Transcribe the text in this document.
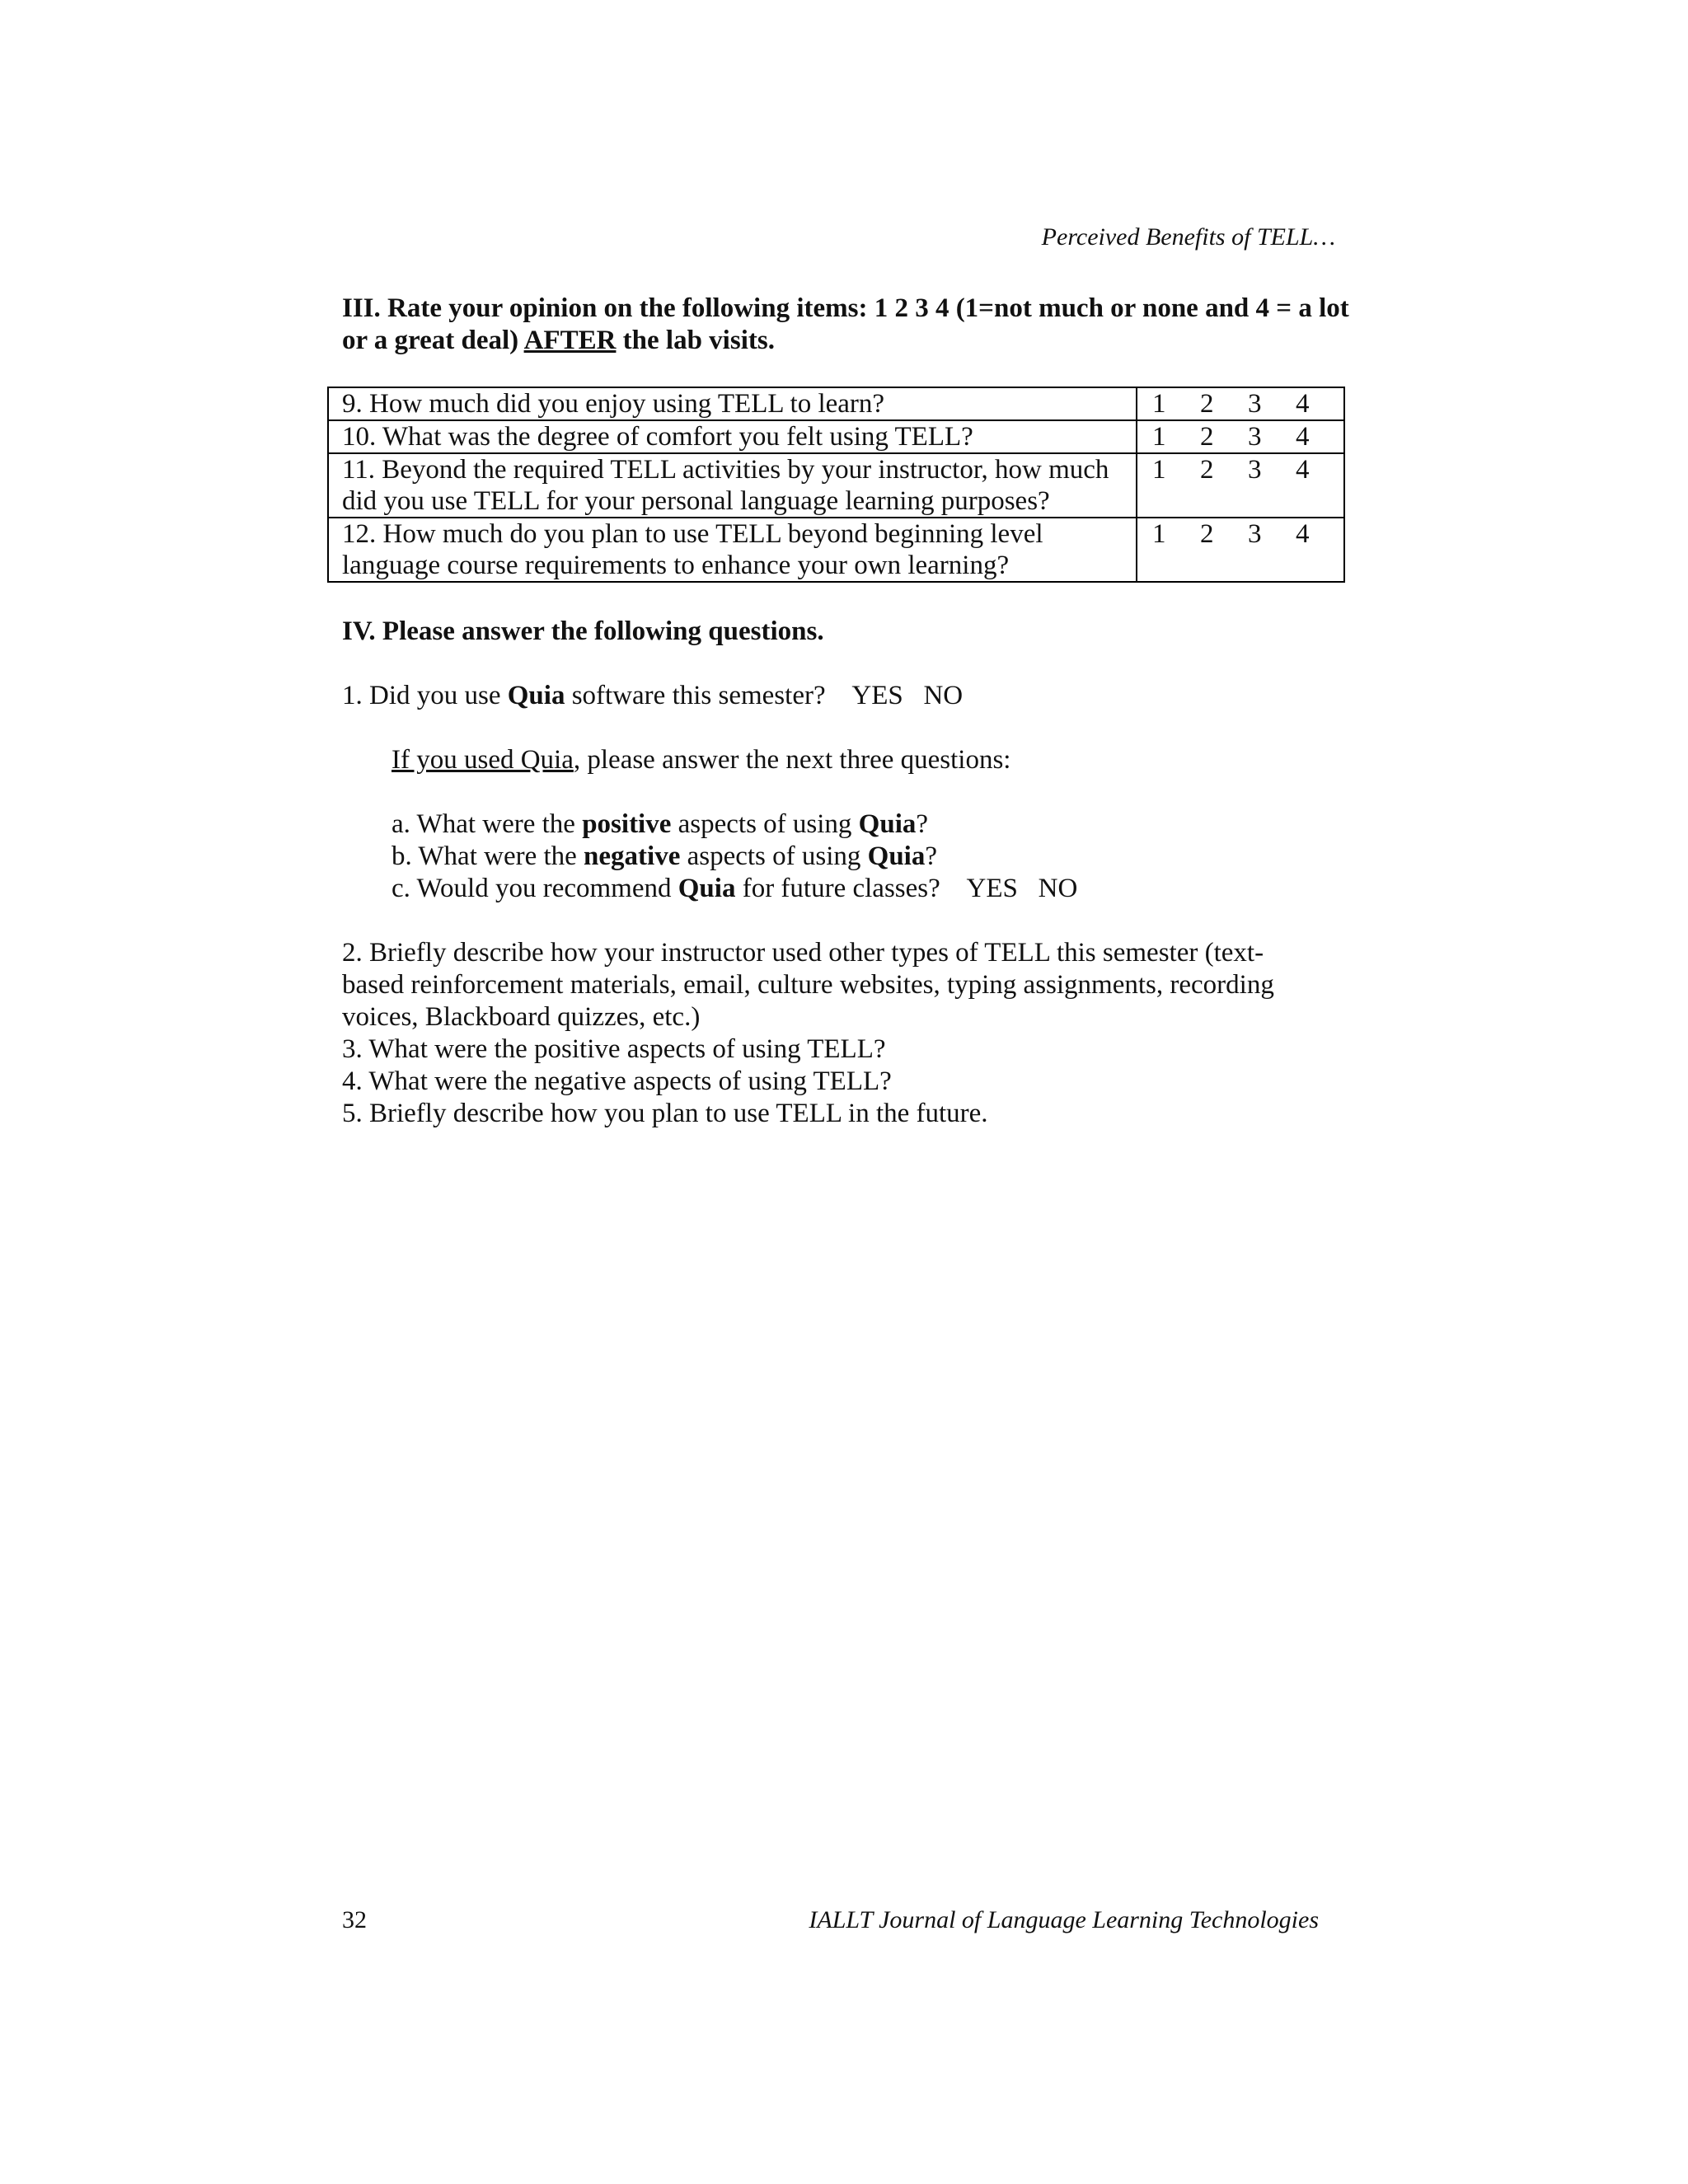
Perceived Benefits of TELL…

III. Rate your opinion on the following items: 1 2 3 4 (1=not much or none and 4 = a lot or a great deal) AFTER the lab visits.

9. How much did you enjoy using TELL to learn?	1 2 3 4

10. What was the degree of comfort you felt using TELL?	1 2 3 4

11. Beyond the required TELL activities by your instructor, how much did you use TELL for your personal language learning purposes?	1 2 3 4

12. How much do you plan to use TELL beyond beginning level language course requirements to enhance your own learning?	1 2 3 4

IV. Please answer the following questions.

1. Did you use Quia software this semester?    YES   NO

If you used Quia, please answer the next three questions:

a. What were the positive aspects of using Quia?

b. What were the negative aspects of using Quia?

c. Would you recommend Quia for future classes?    YES   NO

2. Briefly describe how your instructor used other types of TELL this semester (text-based reinforcement materials, email, culture websites, typing assignments, recording voices, Blackboard quizzes, etc.)

3. What were the positive aspects of using TELL?

4. What were the negative aspects of using TELL?

5. Briefly describe how you plan to use TELL in the future.

32	IALLT Journal of Language Learning Technologies
